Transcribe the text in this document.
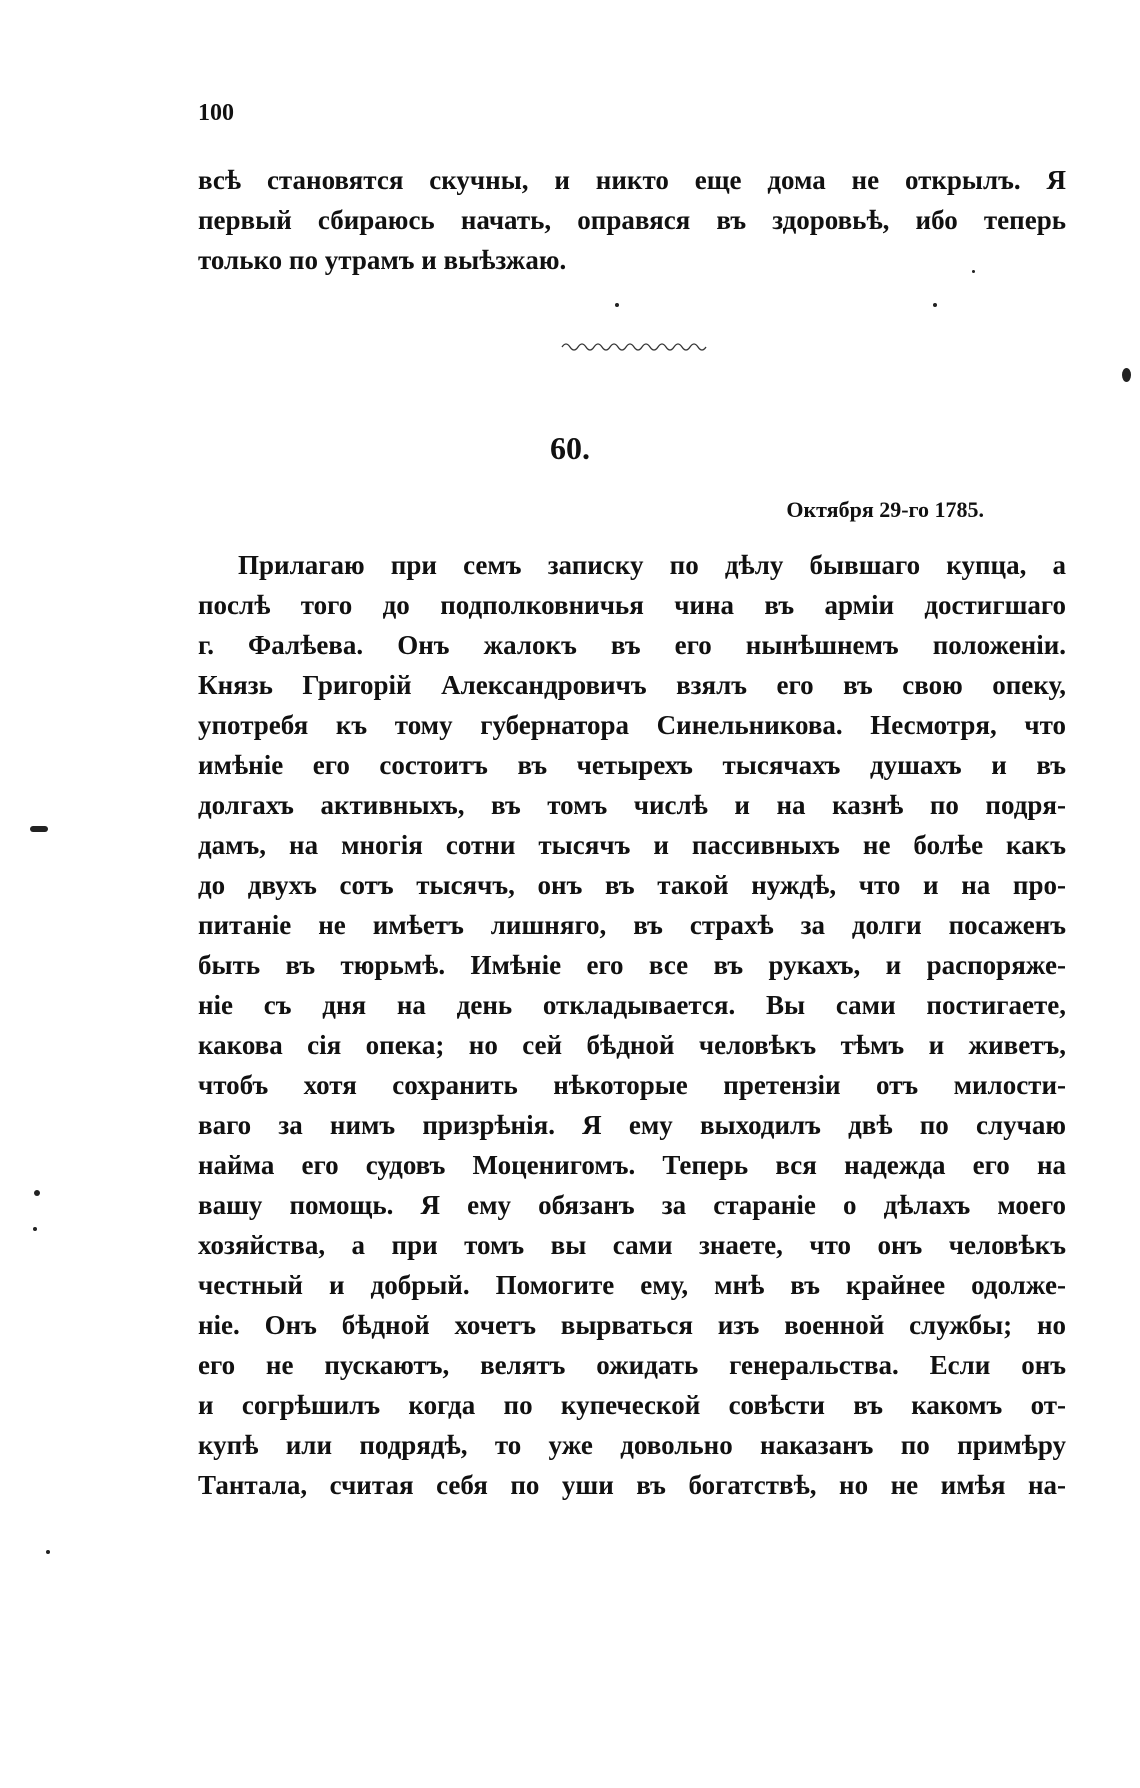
100
всѣ становятся скучны, и никто еще дома не открылъ. Я
первый сбираюсь начать, оправяся въ здоровьѣ, ибо теперь
только по утрамъ и выѣзжаю.
60.
Октября 29-го 1785.
Прилагаю при семъ записку по дѣлу бывшаго купца, а
послѣ того до подполковничья чина въ арміи достигшаго
г. Фалѣева. Онъ жалокъ въ его нынѣшнемъ положеніи.
Князь Григорій Александровичъ взялъ его въ свою опеку,
употребя къ тому губернатора Синельникова. Несмотря, что
имѣніе его состоитъ въ четырехъ тысячахъ душахъ и въ
долгахъ активныхъ, въ томъ числѣ и на казнѣ по подря-
дамъ, на многія сотни тысячъ и пассивныхъ не болѣе какъ
до двухъ сотъ тысячъ, онъ въ такой нуждѣ, что и на про-
питаніе не имѣетъ лишняго, въ страхѣ за долги посаженъ
быть въ тюрьмѣ. Имѣніе его все въ рукахъ, и распоряже-
ніе съ дня на день откладывается. Вы сами постигаете,
какова сія опека; но сей бѣдной человѣкъ тѣмъ и живетъ,
чтобъ хотя сохранить нѣкоторые претензіи отъ милости-
ваго за нимъ призрѣнія. Я ему выходилъ двѣ по случаю
найма его судовъ Моценигомъ. Теперь вся надежда его на
вашу помощь. Я ему обязанъ за стараніе о дѣлахъ моего
хозяйства, а при томъ вы сами знаете, что онъ человѣкъ
честный и добрый. Помогите ему, мнѣ въ крайнее одолже-
ніе. Онъ бѣдной хочетъ вырваться изъ военной службы; но
его не пускаютъ, велятъ ожидать генеральства. Если онъ
и согрѣшилъ когда по купеческой совѣсти въ какомъ от-
купѣ или подрядѣ, то уже довольно наказанъ по примѣру
Тантала, считая себя по уши въ богатствѣ, но не имѣя на-
